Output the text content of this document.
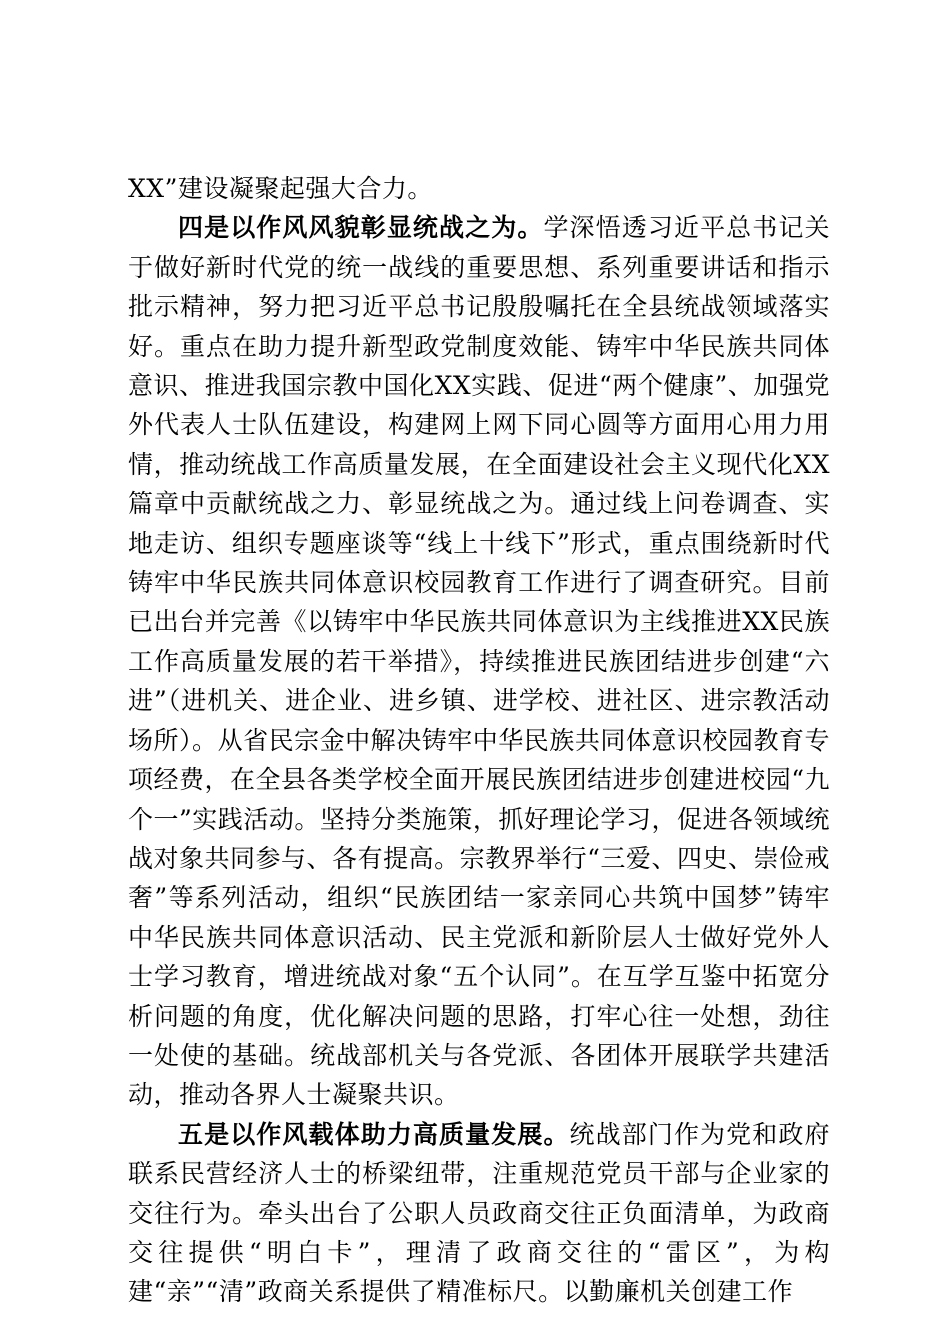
XX”建设凝聚起强大合力。

四是以作风风貌彰显统战之为。学深悟透习近平总书记关于做好新时代党的统一战线的重要思想、系列重要讲话和指示批示精神，努力把习近平总书记殷殷嘱托在全县统战领域落实好。重点在助力提升新型政党制度效能、铸牢中华民族共同体意识、推进我国宗教中国化XX实践、促进“两个健康”、加强党外代表人士队伍建设，构建网上网下同心圆等方面用心用力用情，推动统战工作高质量发展，在全面建设社会主义现代化XX篇章中贡献统战之力、彰显统战之为。通过线上问卷调查、实地走访、组织专题座谈等“线上十线下”形式，重点围绕新时代铸牢中华民族共同体意识校园教育工作进行了调查研究。目前已出台并完善《以铸牢中华民族共同体意识为主线推进XX民族工作高质量发展的若干举措》，持续推进民族团结进步创建“六进”（进机关、进企业、进乡镇、进学校、进社区、进宗教活动场所）。从省民宗金中解决铸牢中华民族共同体意识校园教育专项经费，在全县各类学校全面开展民族团结进步创建进校园“九个一”实践活动。坚持分类施策，抓好理论学习，促进各领域统战对象共同参与、各有提高。宗教界举行“三爱、四史、崇俭戒奢”等系列活动，组织“民族团结一家亲同心共筑中国梦”铸牢中华民族共同体意识活动、民主党派和新阶层人士做好党外人士学习教育，增进统战对象“五个认同”。在互学互鉴中拓宽分析问题的角度，优化解决问题的思路，打牢心往一处想，劲往一处使的基础。统战部机关与各党派、各团体开展联学共建活动，推动各界人士凝聚共识。

五是以作风载体助力高质量发展。统战部门作为党和政府联系民营经济人士的桥梁纽带，注重规范党员干部与企业家的交往行为。牵头出台了公职人员政商交往正负面清单，为政商交往提供“明白卡”，理清了政商交往的“雷区”，为构建“亲”“清”政商关系提供了精准标尺。以勤廉机关创建工作
